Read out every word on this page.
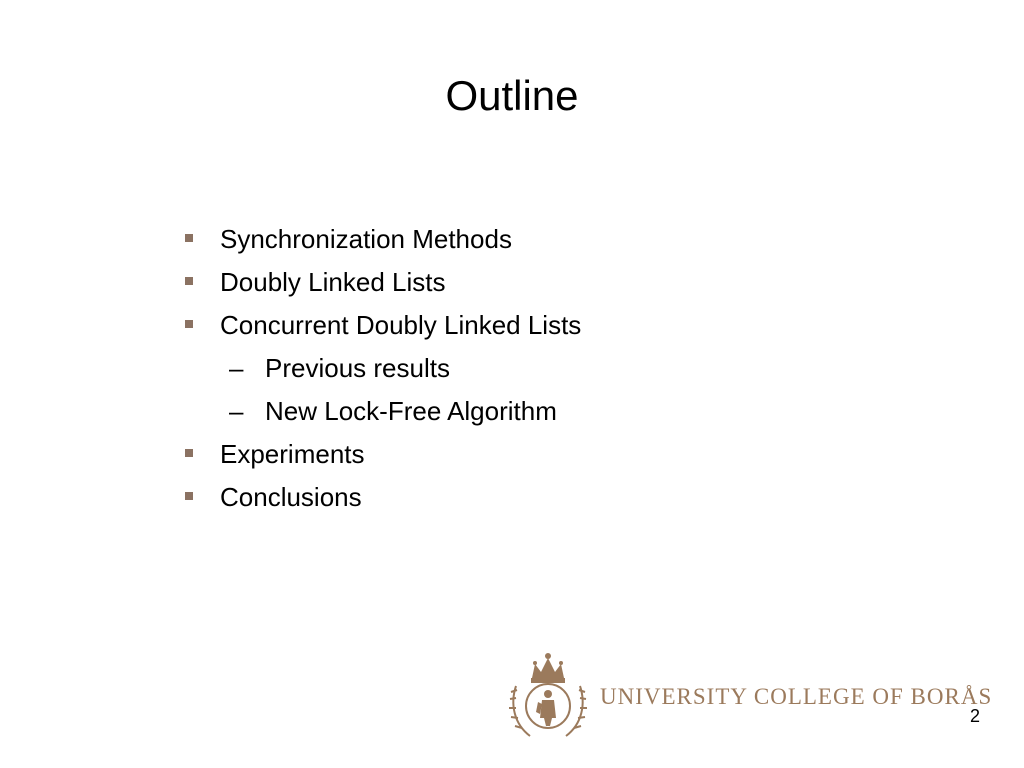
Outline
Synchronization Methods
Doubly Linked Lists
Concurrent Doubly Linked Lists
– Previous results
– New Lock-Free Algorithm
Experiments
Conclusions
UNIVERSITY COLLEGE OF BORÅS
2
